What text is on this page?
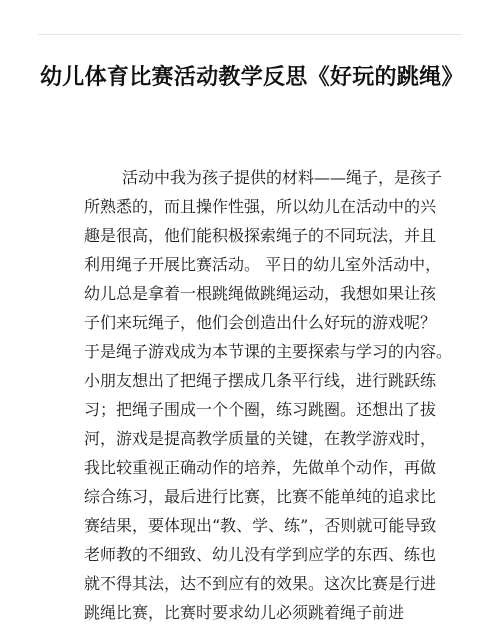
幼儿体育比赛活动教学反思《好玩的跳绳》
活动中我为孩子提供的材料——绳子，是孩子
所熟悉的，而且操作性强，所以幼儿在活动中的兴
趣是很高，他们能积极探索绳子的不同玩法，并且
利用绳子开展比赛活动。 平日的幼儿室外活动中，
幼儿总是拿着一根跳绳做跳绳运动，我想如果让孩
子们来玩绳子，他们会创造出什么好玩的游戏呢？
于是绳子游戏成为本节课的主要探索与学习的内容。
小朋友想出了把绳子摆成几条平行线，进行跳跃练
习；把绳子围成一个个圈，练习跳圈。还想出了拔
河，游戏是提高教学质量的关键，在教学游戏时，
我比较重视正确动作的培养，先做单个动作，再做
综合练习，最后进行比赛，比赛不能单纯的追求比
赛结果，要体现出“教、学、练”，否则就可能导致
老师教的不细致、幼儿没有学到应学的东西、练也
就不得其法，达不到应有的效果。这次比赛是行进
跳绳比赛，比赛时要求幼儿必须跳着绳子前进
